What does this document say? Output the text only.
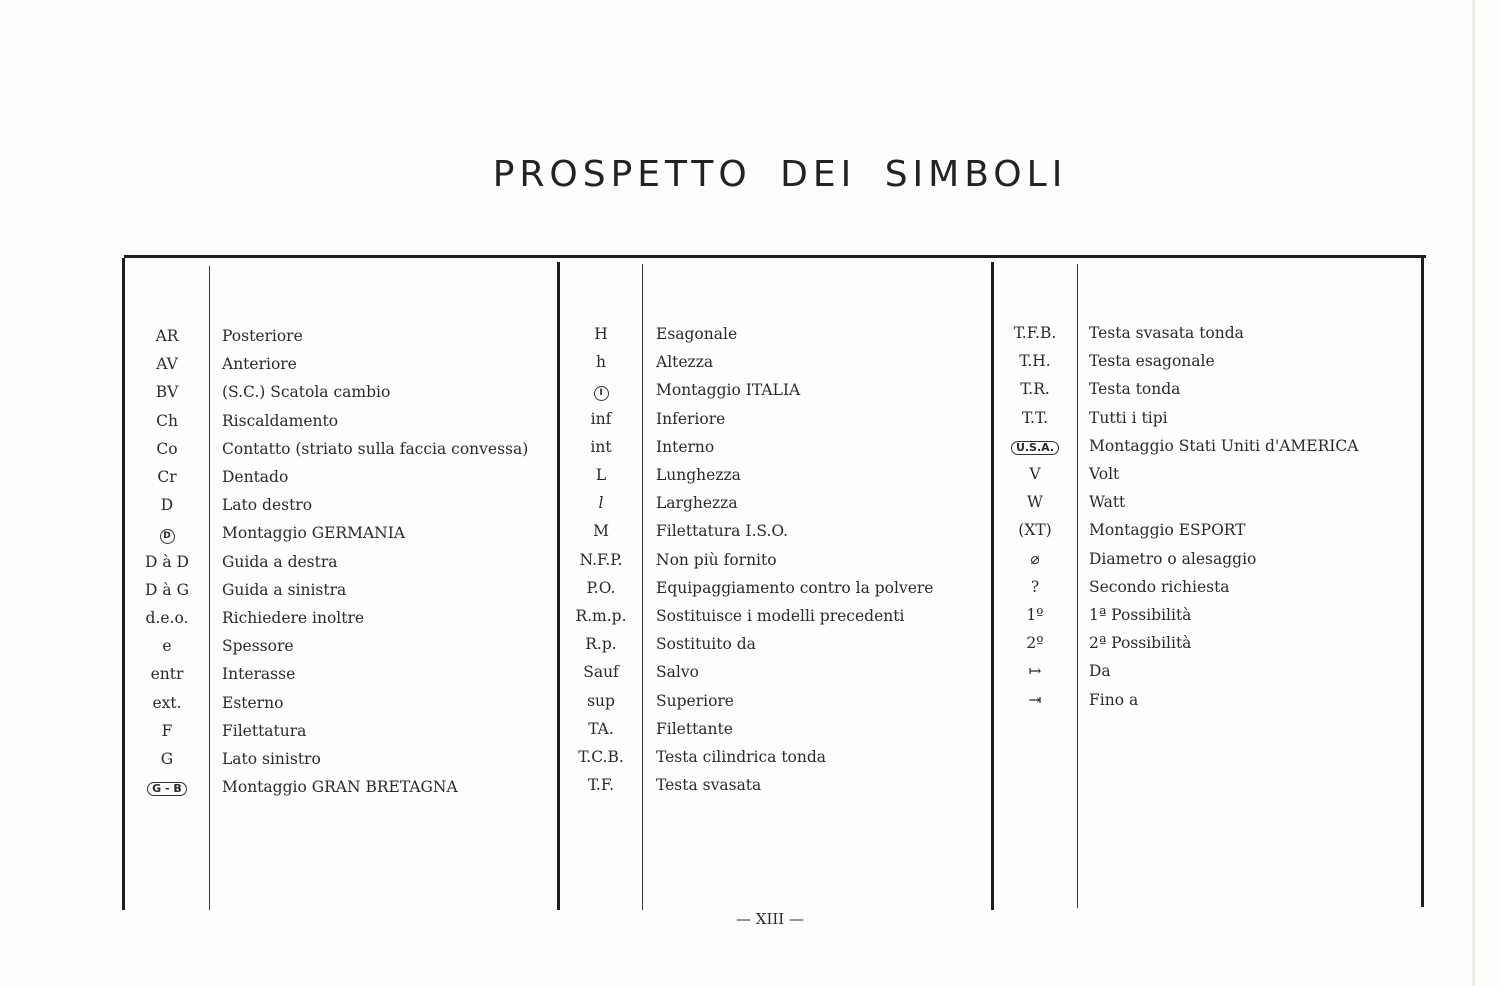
PROSPETTO DEI SIMBOLI
AR	Posteriore
AV	Anteriore
BV	(S.C.) Scatola cambio
Ch	Riscaldamento
Co	Contatto (striato sulla faccia convessa)
Cr	Dentado
D	Lato destro
D	Montaggio GERMANIA
D à D	Guida a destra
D à G	Guida a sinistra
d.e.o.	Richiedere inoltre
e	Spessore
entr	Interasse
ext.	Esterno
F	Filettatura
G	Lato sinistro
G - B	Montaggio GRAN BRETAGNA
H	Esagonale
h	Altezza
I	Montaggio ITALIA
inf	Inferiore
int	Interno
L	Lunghezza
l	Larghezza
M	Filettatura I.S.O.
N.F.P.	Non più fornito
P.O.	Equipaggiamento contro la polvere
R.m.p.	Sostituisce i modelli precedenti
R.p.	Sostituito da
Sauf	Salvo
sup	Superiore
TA.	Filettante
T.C.B.	Testa cilindrica tonda
T.F.	Testa svasata
T.F.B.	Testa svasata tonda
T.H.	Testa esagonale
T.R.	Testa tonda
T.T.	Tutti i tipi
U.S.A.	Montaggio Stati Uniti d'AMERICA
V	Volt
W	Watt
(XT)	Montaggio ESPORT
⌀	Diametro o alesaggio
?	Secondo richiesta
1º	1ª Possibilità
2º	2ª Possibilità
↦	Da
⇥	Fino a
— XIII —
